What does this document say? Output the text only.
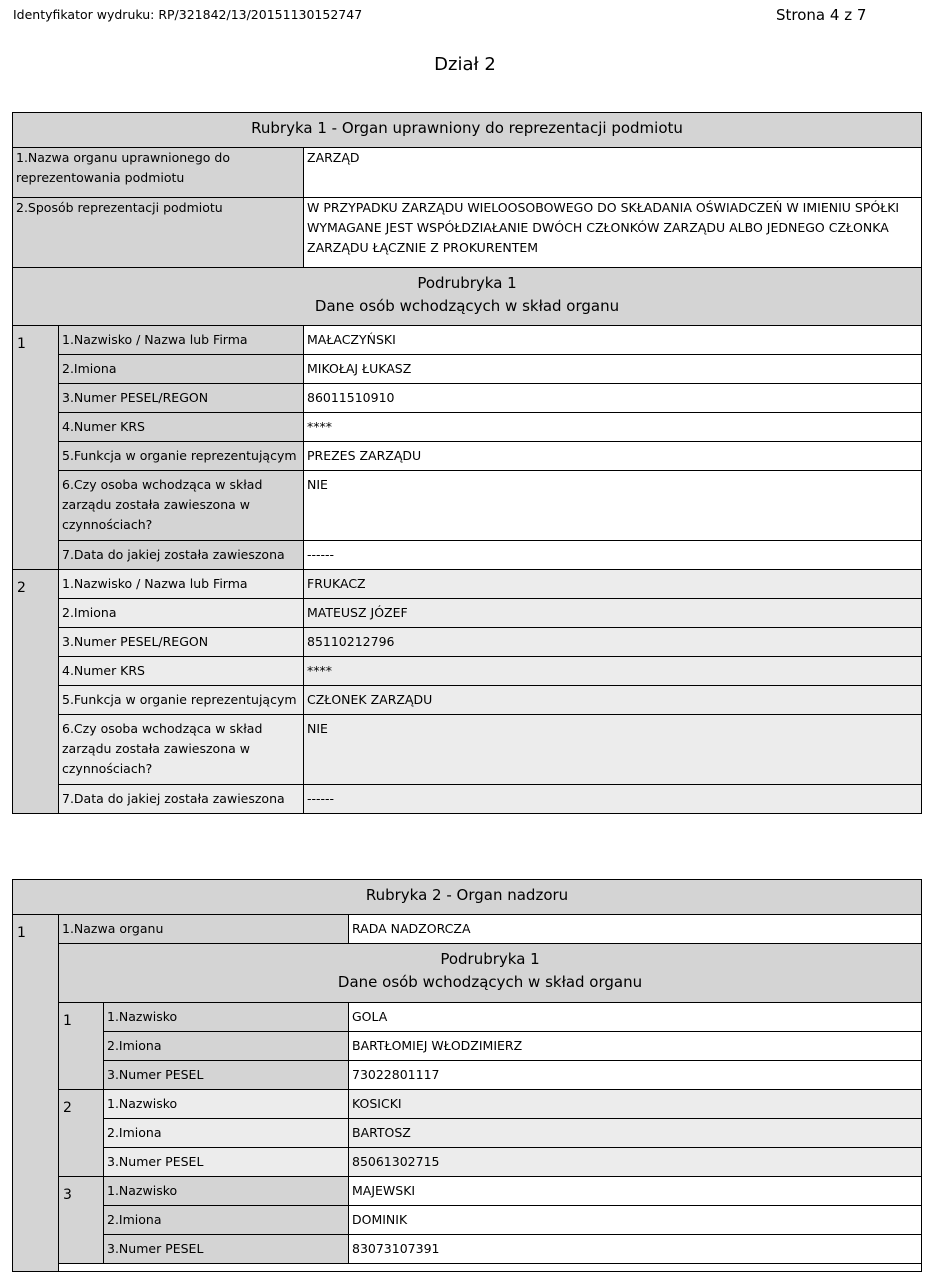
Identyfikator wydruku: RP/321842/13/20151130152747	Strona 4 z 7
Dział 2
Rubryka 1 - Organ uprawniony do reprezentacji podmiotu		
1.Nazwa organu uprawnionego do reprezentowania podmiotu		ZARZĄD
2.Sposób reprezentacji podmiotu		W PRZYPADKU ZARZĄDU WIELOOSOBOWEGO DO SKŁADANIA OŚWIADCZEŃ W IMIENIU SPÓŁKI WYMAGANE JEST WSPÓŁDZIAŁANIE DWÓCH CZŁONKÓW ZARZĄDU ALBO JEDNEGO CZŁONKA ZARZĄDU ŁĄCZNIE Z PROKURENTEM

Podrubryka 1
Dane osób wchodzących w skład organu		

1	1.Nazwisko / Nazwa lub Firma	MAŁACZYŃSKI
	2.Imiona	MIKOŁAJ ŁUKASZ
	3.Numer PESEL/REGON	86011510910
	4.Numer KRS	****
	5.Funkcja w organie reprezentującym	PREZES ZARZĄDU
	6.Czy osoba wchodząca w skład zarządu została zawieszona w czynnościach?	NIE
	7.Data do jakiej została zawieszona	------
2	1.Nazwisko / Nazwa lub Firma	FRUKACZ
	2.Imiona	MATEUSZ JÓZEF
	3.Numer PESEL/REGON	85110212796
	4.Numer KRS	****
	5.Funkcja w organie reprezentującym	CZŁONEK ZARZĄDU
	6.Czy osoba wchodząca w skład zarządu została zawieszona w czynnościach?	NIE
	7.Data do jakiej została zawieszona	------
Rubryka 2 - Organ nadzoru			
1	1.Nazwa organu		RADA NADZORCZA

	Podrubryka 1
Dane osób wchodzących w skład organu		

	1	1.Nazwisko	GOLA
		2.Imiona	BARTŁOMIEJ WŁODZIMIERZ
		3.Numer PESEL	73022801117
	2	1.Nazwisko	KOSICKI
		2.Imiona	BARTOSZ
		3.Numer PESEL	85061302715
	3	1.Nazwisko	MAJEWSKI
		2.Imiona	DOMINIK
		3.Numer PESEL	83073107391
